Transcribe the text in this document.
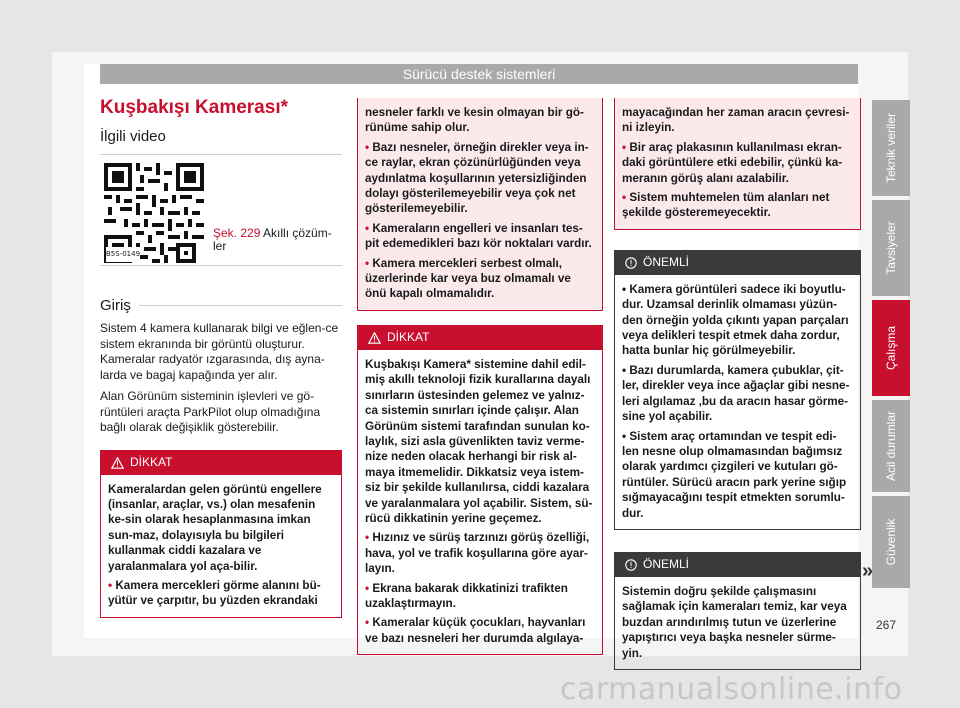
Sürücü destek sistemleri
Kuşbakışı Kamerası*
İlgili video
B5S-0149
Şek. 229 Akıllı çözüm-ler
Giriş
Sistem 4 kamera kullanarak bilgi ve eğlen-ce sistem ekranında bir görüntü oluşturur. Kameralar radyatör ızgarasında, dış ayna-larda ve bagaj kapağında yer alır.
Alan Görünüm sisteminin işlevleri ve gö-rüntüleri araçta ParkPilot olup olmadığına bağlı olarak değişiklik gösterebilir.
DİKKAT
Kameralardan gelen görüntü engellere (insanlar, araçlar, vs.) olan mesafenin ke-sin olarak hesaplanmasına imkan sun-maz, dolayısıyla bu bilgileri kullanmak ciddi kazalara ve yaralanmalara yol aça-bilir.
• Kamera mercekleri görme alanını bü-yütür ve çarpıtır, bu yüzden ekrandaki
nesneler farklı ve kesin olmayan bir gö-rünüme sahip olur.
• Bazı nesneler, örneğin direkler veya in-ce raylar, ekran çözünürlüğünden veya aydınlatma koşullarının yetersizliğinden dolayı gösterilemeyebilir veya çok net gösterilemeyebilir.
• Kameraların engelleri ve insanları tes-pit edemedikleri bazı kör noktaları vardır.
• Kamera mercekleri serbest olmalı, üzerlerinde kar veya buz olmamalı ve önü kapalı olmamalıdır.
DİKKAT
Kuşbakışı Kamera* sistemine dahil edil-miş akıllı teknoloji fizik kurallarına dayalı sınırların üstesinden gelemez ve yalnız-ca sistemin sınırları içinde çalışır. Alan Görünüm sistemi tarafından sunulan ko-laylık, sizi asla güvenlikten taviz verme-nize neden olacak herhangi bir risk al-maya itmemelidir. Dikkatsiz veya istem-siz bir şekilde kullanılırsa, ciddi kazalara ve yaralanmalara yol açabilir. Sistem, sü-rücü dikkatinin yerine geçemez.
• Hızınız ve sürüş tarzınızı görüş özelliği, hava, yol ve trafik koşullarına göre ayar-layın.
• Ekrana bakarak dikkatinizi trafikten uzaklaştırmayın.
• Kameralar küçük çocukları, hayvanları ve bazı nesneleri her durumda algılaya-
mayacağından her zaman aracın çevresi-ni izleyin.
• Bir araç plakasının kullanılması ekran-daki görüntülere etki edebilir, çünkü ka-meranın görüş alanı azalabilir.
• Sistem muhtemelen tüm alanları net şekilde gösteremeyecektir.
ÖNEMLİ
• Kamera görüntüleri sadece iki boyutlu-dur. Uzamsal derinlik olmaması yüzün-den örneğin yolda çıkıntı yapan parçaları veya delikleri tespit etmek daha zordur, hatta bunlar hiç görülmeyebilir.
• Bazı durumlarda, kamera çubuklar, çit-ler, direkler veya ince ağaçlar gibi nesne-leri algılamaz ,bu da aracın hasar görme-sine yol açabilir.
• Sistem araç ortamından ve tespit edi-len nesne olup olmamasından bağımsız olarak yardımcı çizgileri ve kutuları gö-rüntüler. Sürücü aracın park yerine sığıp sığmayacağını tespit etmekten sorumlu-dur.
ÖNEMLİ
Sistemin doğru şekilde çalışmasını sağlamak için kameraları temiz, kar veya buzdan arındırılmış tutun ve üzerlerine yapıştırıcı veya başka nesneler sürme-yin.
Teknik veriler
Tavsiyeler
Çalışma
Acil durumlar
Güvenlik
»
267
carmanualsonline.info
